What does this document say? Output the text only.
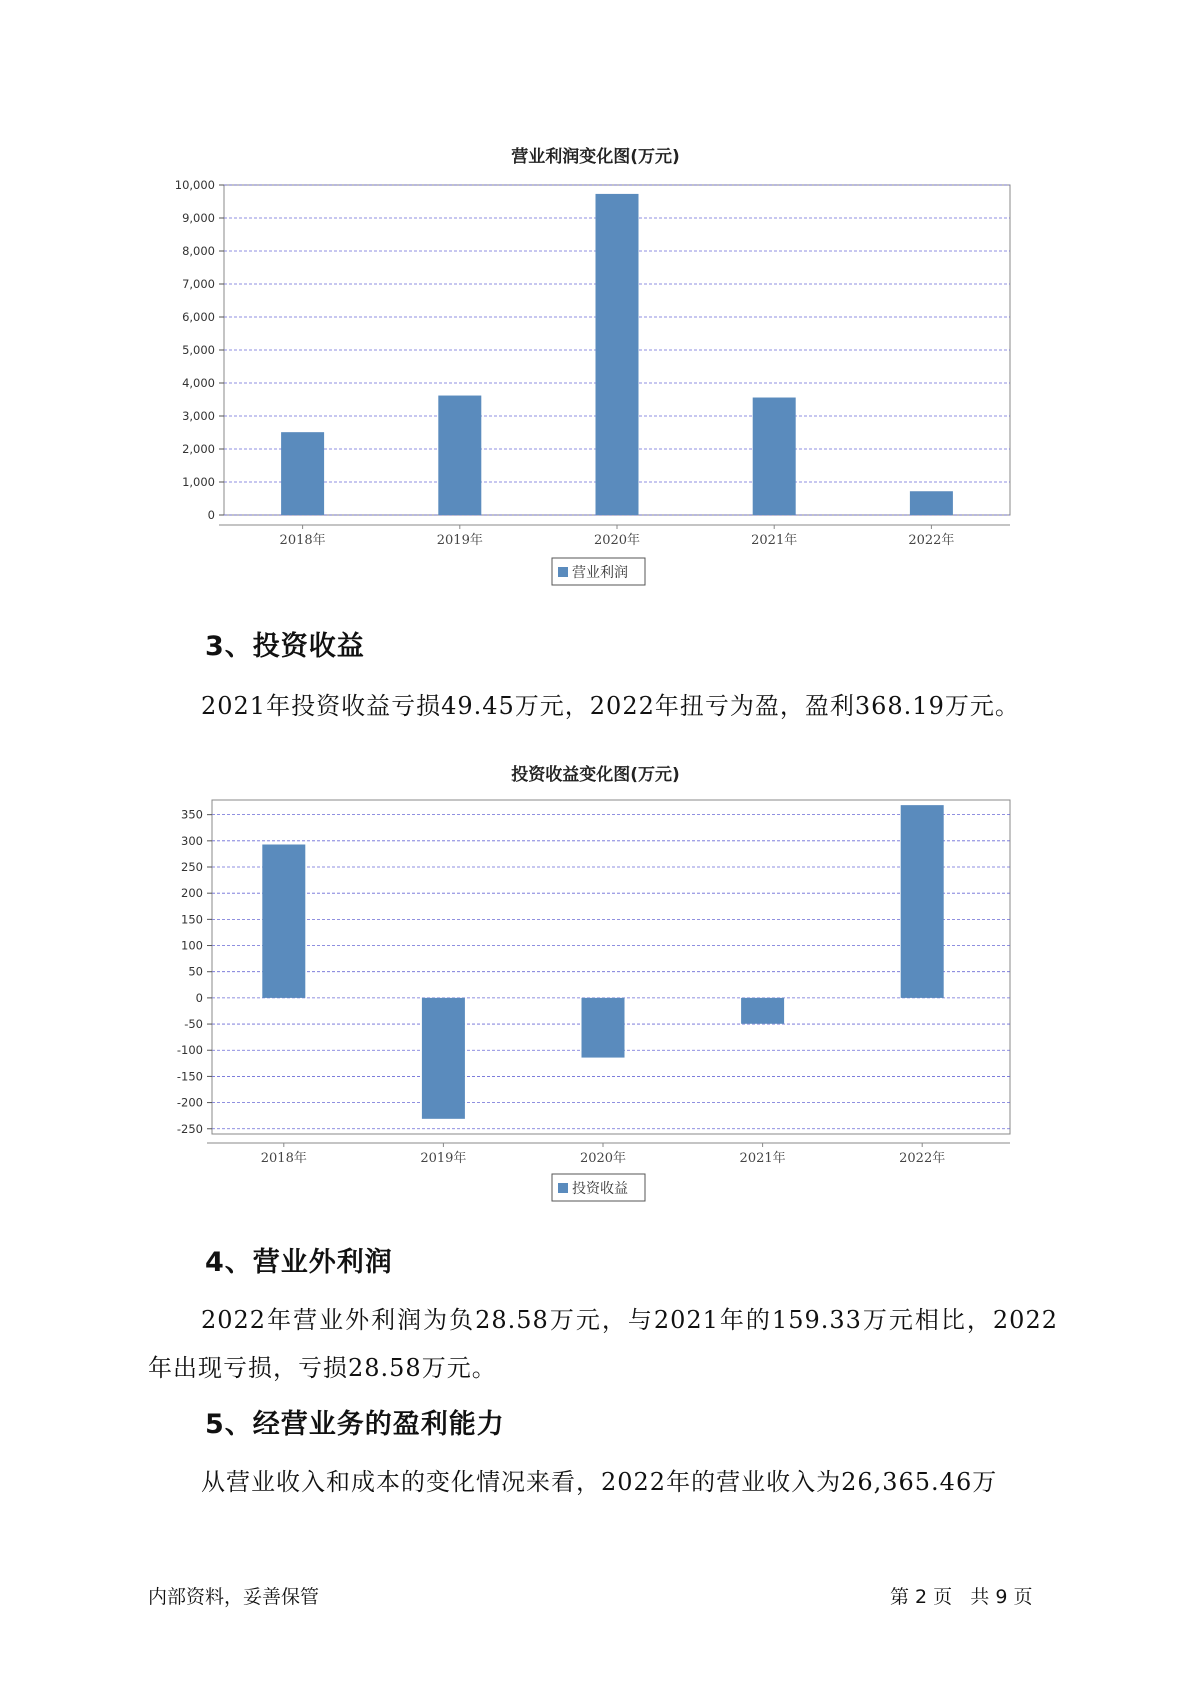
营业利润变化图(万元)
0
1,000
2,000
3,000
4,000
5,000
6,000
7,000
8,000
9,000
10,000
2018年	2019年	2020年	2021年	2022年
营业利润
3、投资收益

2021年投资收益亏损49.45万元，2022年扭亏为盈，盈利368.19万元。

投资收益变化图(万元)
-250
-200
-150
-100
-50
0
50
100
150
200
250
300
350
2018年	2019年	2020年	2021年	2022年
投资收益
4、营业外利润

2022年营业外利润为负28.58万元，与2021年的159.33万元相比，2022年出现亏损，亏损28.58万元。

5、经营业务的盈利能力

从营业收入和成本的变化情况来看，2022年的营业收入为26,365.46万

内部资料，妥善保管	第 2 页   共 9 页
